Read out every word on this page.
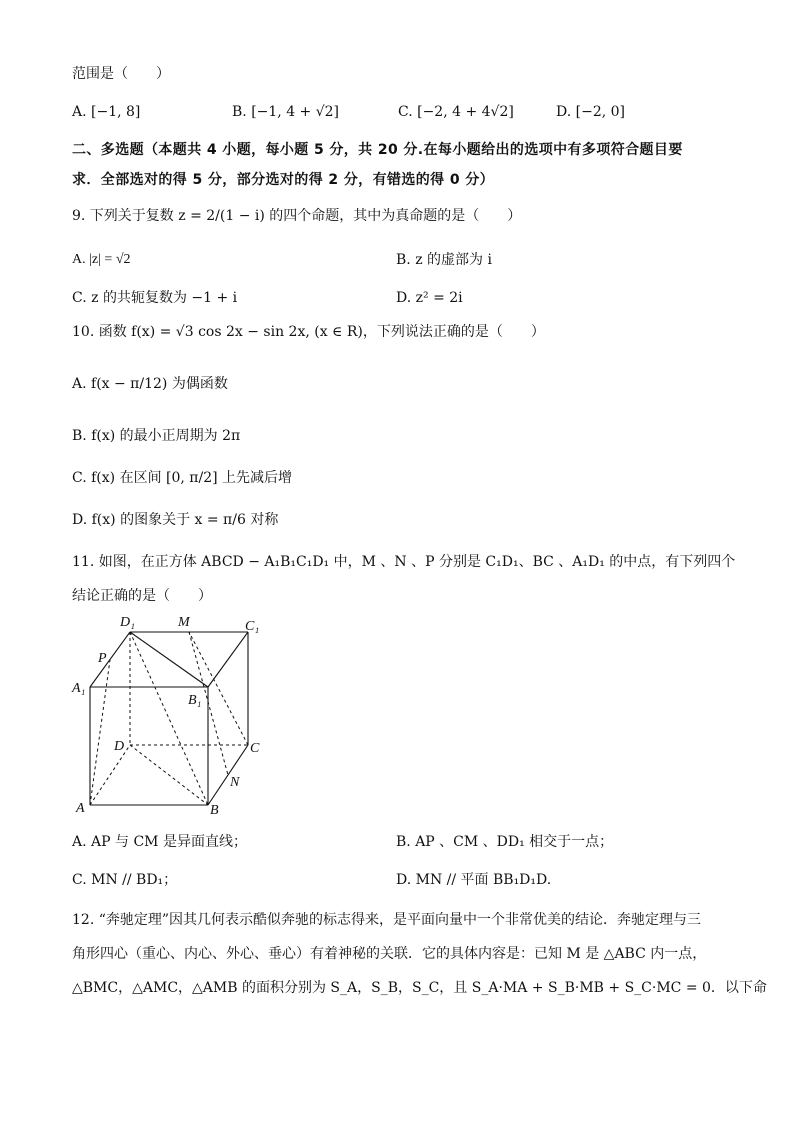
范围是（　　）
A. [−1, 8]	B. [−1, 4 + √2]	C. [−2, 4 + 4√2]	D. [−2, 0]
二、多选题（本题共 4 小题，每小题 5 分，共 20 分.在每小题给出的选项中有多项符合题目要
求．全部选对的得 5 分，部分选对的得 2 分，有错选的得 0 分）
9. 下列关于复数 z = 2/(1 − i) 的四个命题，其中为真命题的是（　　）
A. |z| = √2	B. z 的虚部为 i
C. z 的共轭复数为 −1 + i	D. z² = 2i
10. 函数 f(x) = √3 cos 2x − sin 2x, (x ∈ R)，下列说法正确的是（　　）
A. f(x − π/12) 为偶函数
B. f(x) 的最小正周期为 2π
C. f(x) 在区间 [0, π/2] 上先减后增
D. f(x) 的图象关于 x = π/6 对称
11. 如图，在正方体 ABCD − A₁B₁C₁D₁ 中，M 、N 、P 分别是 C₁D₁、BC 、A₁D₁ 的中点，有下列四个
结论正确的是（　　）
D₁	M	C₁
P
A₁
B₁
D	C
N
A	B
A. AP 与 CM 是异面直线；	B. AP 、CM 、DD₁ 相交于一点；
C. MN // BD₁；	D. MN // 平面 BB₁D₁D.
12. “奔驰定理”因其几何表示酷似奔驰的标志得来，是平面向量中一个非常优美的结论．奔驰定理与三
角形四心（重心、内心、外心、垂心）有着神秘的关联．它的具体内容是：已知 M 是 △ABC 内一点，
△BMC，△AMC，△AMB 的面积分别为 S_A，S_B，S_C，且 S_A·MA + S_B·MB + S_C·MC = 0．以下命
